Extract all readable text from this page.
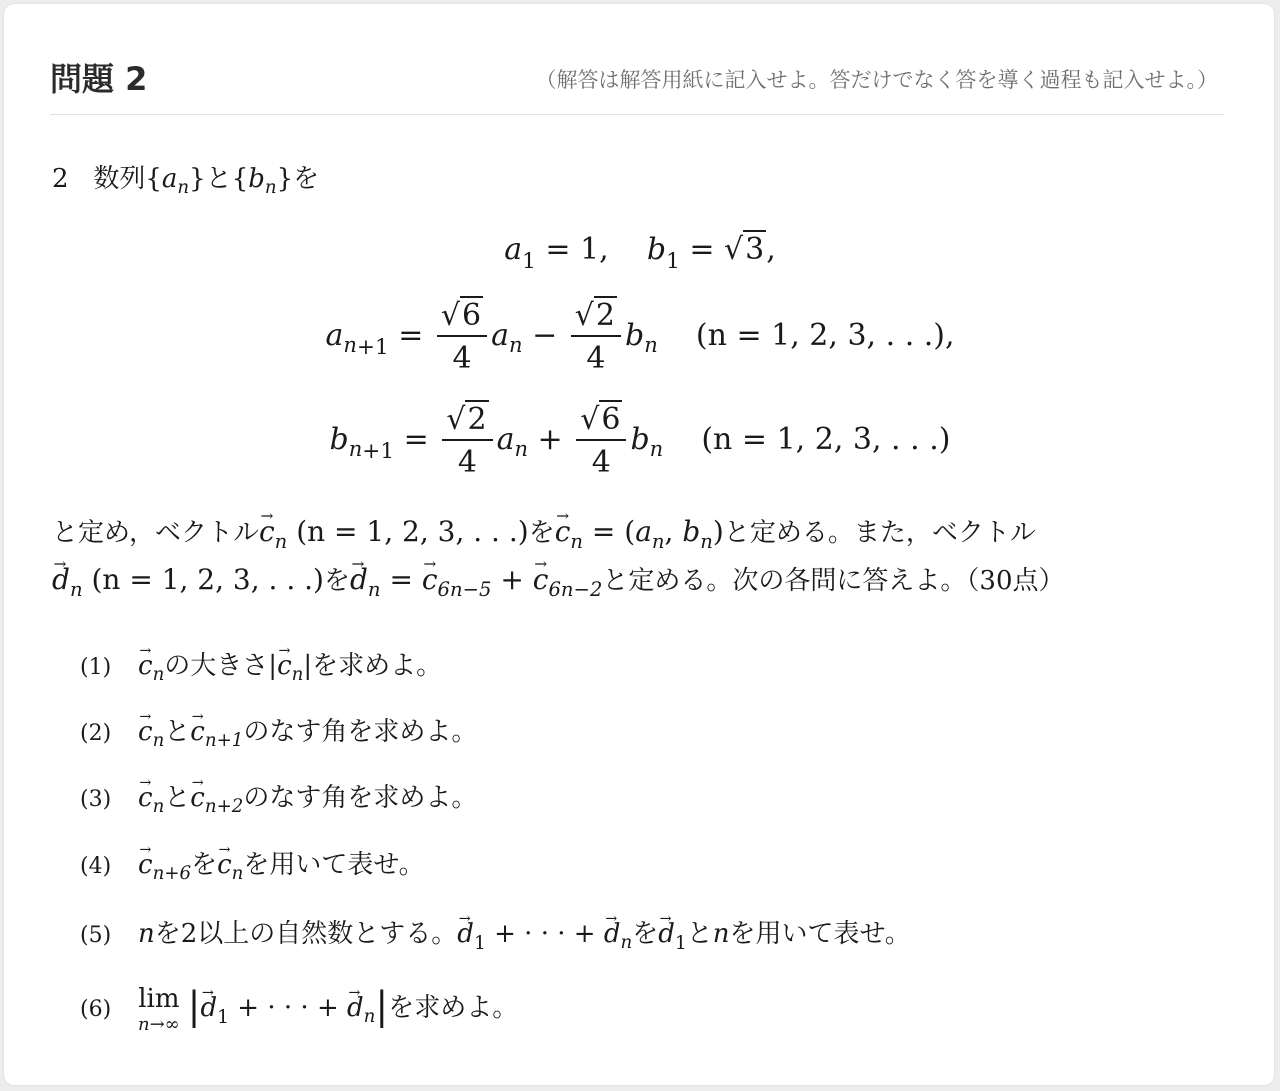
問題 2	（解答は解答用紙に記入せよ。答だけでなく答を導く過程も記入せよ。）
2 数列$\{a_n\}$と$\{b_n\}$を
$a_1 = 1$,    $b_1 = √3$,
$a_{n+1} = \frac{√6}{4} a_n - \frac{√2}{4} b_n$ (n = 1, 2, 3, . . .),
$b_{n+1} = \frac{√2}{4} a_n + \frac{√6}{4} b_n$ (n = 1, 2, 3, . . .)
と定め，ベクトル→ $c_n$ (n = 1, 2, 3, . . .)を→ $c_n = (a_n$, $b_n$)と定める。また，ベクトル
→ $d_n$ (n = 1, 2, 3, . . .)を→ $d_n$ = → $c_{6n-5}$ + → $c_{6n-2}$と定める。次の各問に答えよ。（30点）
$(1) \to c_n$の大きさ|→ $c_n|$を求めよ。
$(2) \to c_n$と→ $c_{n+1}$のなす角を求めよ。
$(3) \to c_n$と→ $c_{n+2}$のなす角を求めよ。
$(4) \to c_{n+6}$を→ $c_n$を用いて表せ。
(5) nを2以上の自然数とする。→ $d_1$ + · · · + → $d_n$を→ $d_1$とnを用いて表せ。
(6) lim
n→∞ |→ $d_1$ + · · · + → $d_n|$を求めよ。
